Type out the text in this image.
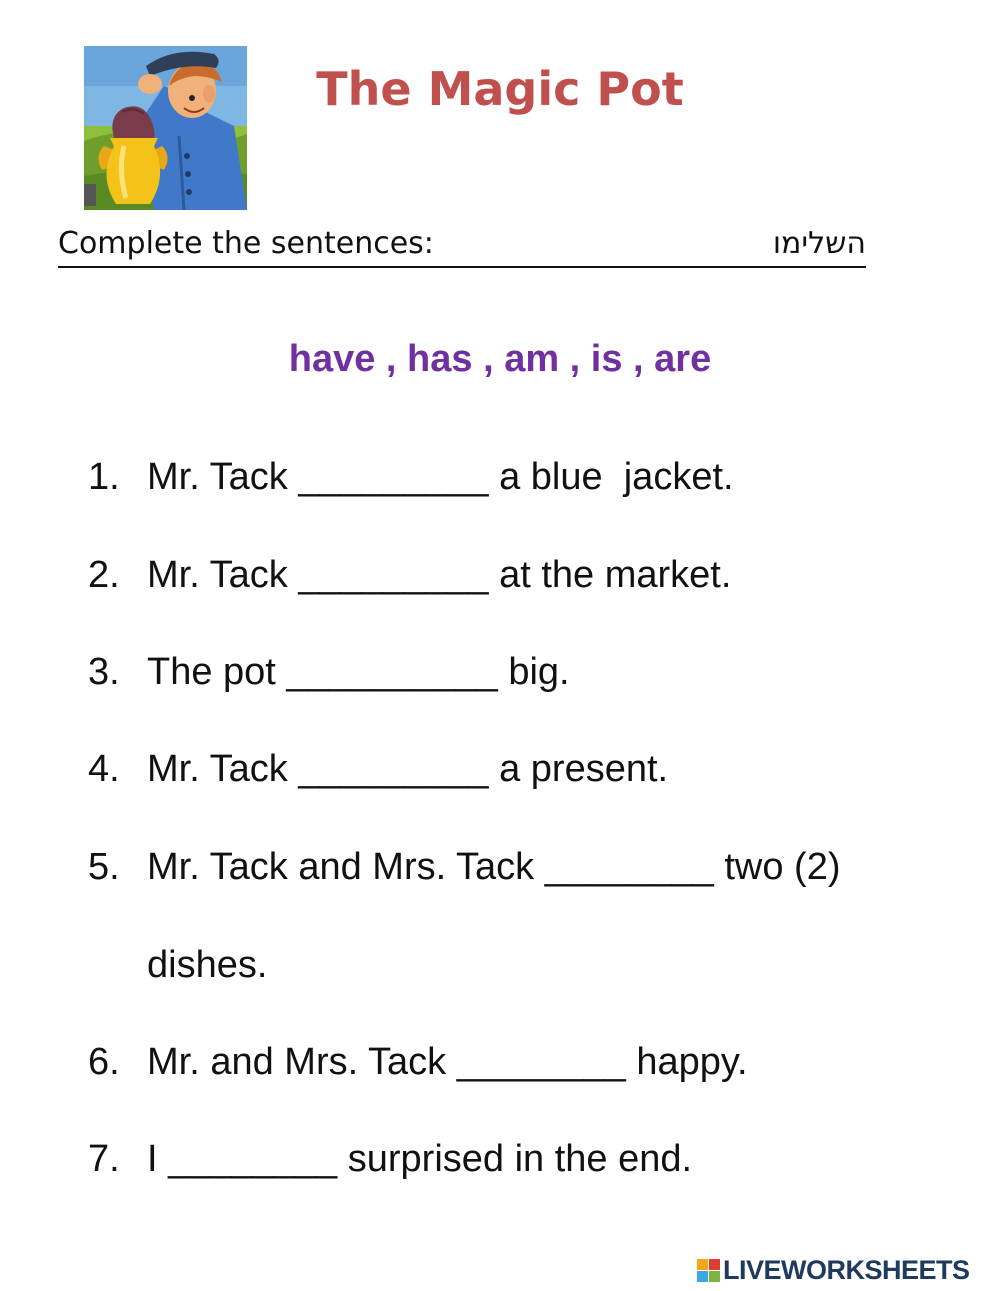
The Magic Pot
Complete the sentences:	השלימו
have , has , am , is , are
1. Mr. Tack _________ a blue  jacket.
2. Mr. Tack _________ at the market.
3. The pot __________ big.
4. Mr. Tack _________ a present.
5. Mr. Tack and Mrs. Tack ________ two (2)
dishes.
6. Mr. and Mrs. Tack ________ happy.
7. I ________ surprised in the end.
LIVEWORKSHEETS
